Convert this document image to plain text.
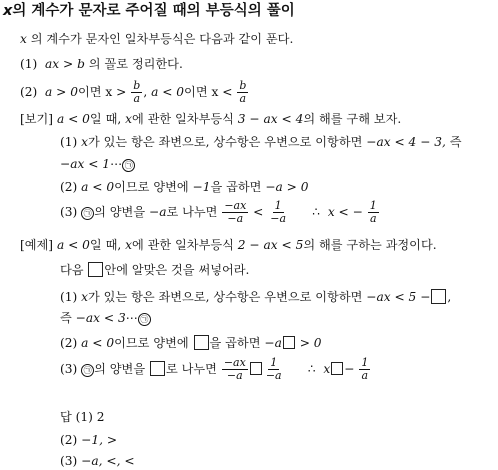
x의 계수가 문자로 주어질 때의 부등식의 풀이
x 의 계수가 문자인 일차부등식은 다음과 같이 푼다.
(1) ax > b 의 꼴로 정리한다.
(2) a > 0이면 $x > \frac{b}{a}$ , a < 0이면 $x < \frac{b}{a}$
[보기] a < 0일 때, x에 관한 일차부등식 3 − ax < 4의 해를 구해 보자.
(1) x가 있는 항은 좌변으로, 상수항은 우변으로 이항하면 −ax < 4 − 3, 즉
−ax < 1⋯ ㉠
(2) a < 0이므로 양변에 −1을 곱하면 −a > 0
(3) ㉠ 의 양변을 −a로 나누면 $\frac{-ax}{-a} < \frac{1}{-a}$ ∴ x < − $\frac{1}{a}$
[예제] a < 0일 때, x에 관한 일차부등식 2 − ax < 5의 해를 구하는 과정이다.
다음 안에 알맞은 것을 써넣어라.
(1) x가 있는 항은 좌변으로, 상수항은 우변으로 이항하면 −ax < 5 − ,
즉 −ax < 3⋯ ㉠
(2) a < 0이므로 양변에 을 곱하면 −a > 0
(3) ㉠ 의 양변을 로 나누면 $\frac{-ax}{-a} \frac{1}{-a}$ ∴ $x - \frac{1}{a}$
답 (1) 2
(2) −1, >
(3) −a, <, <
